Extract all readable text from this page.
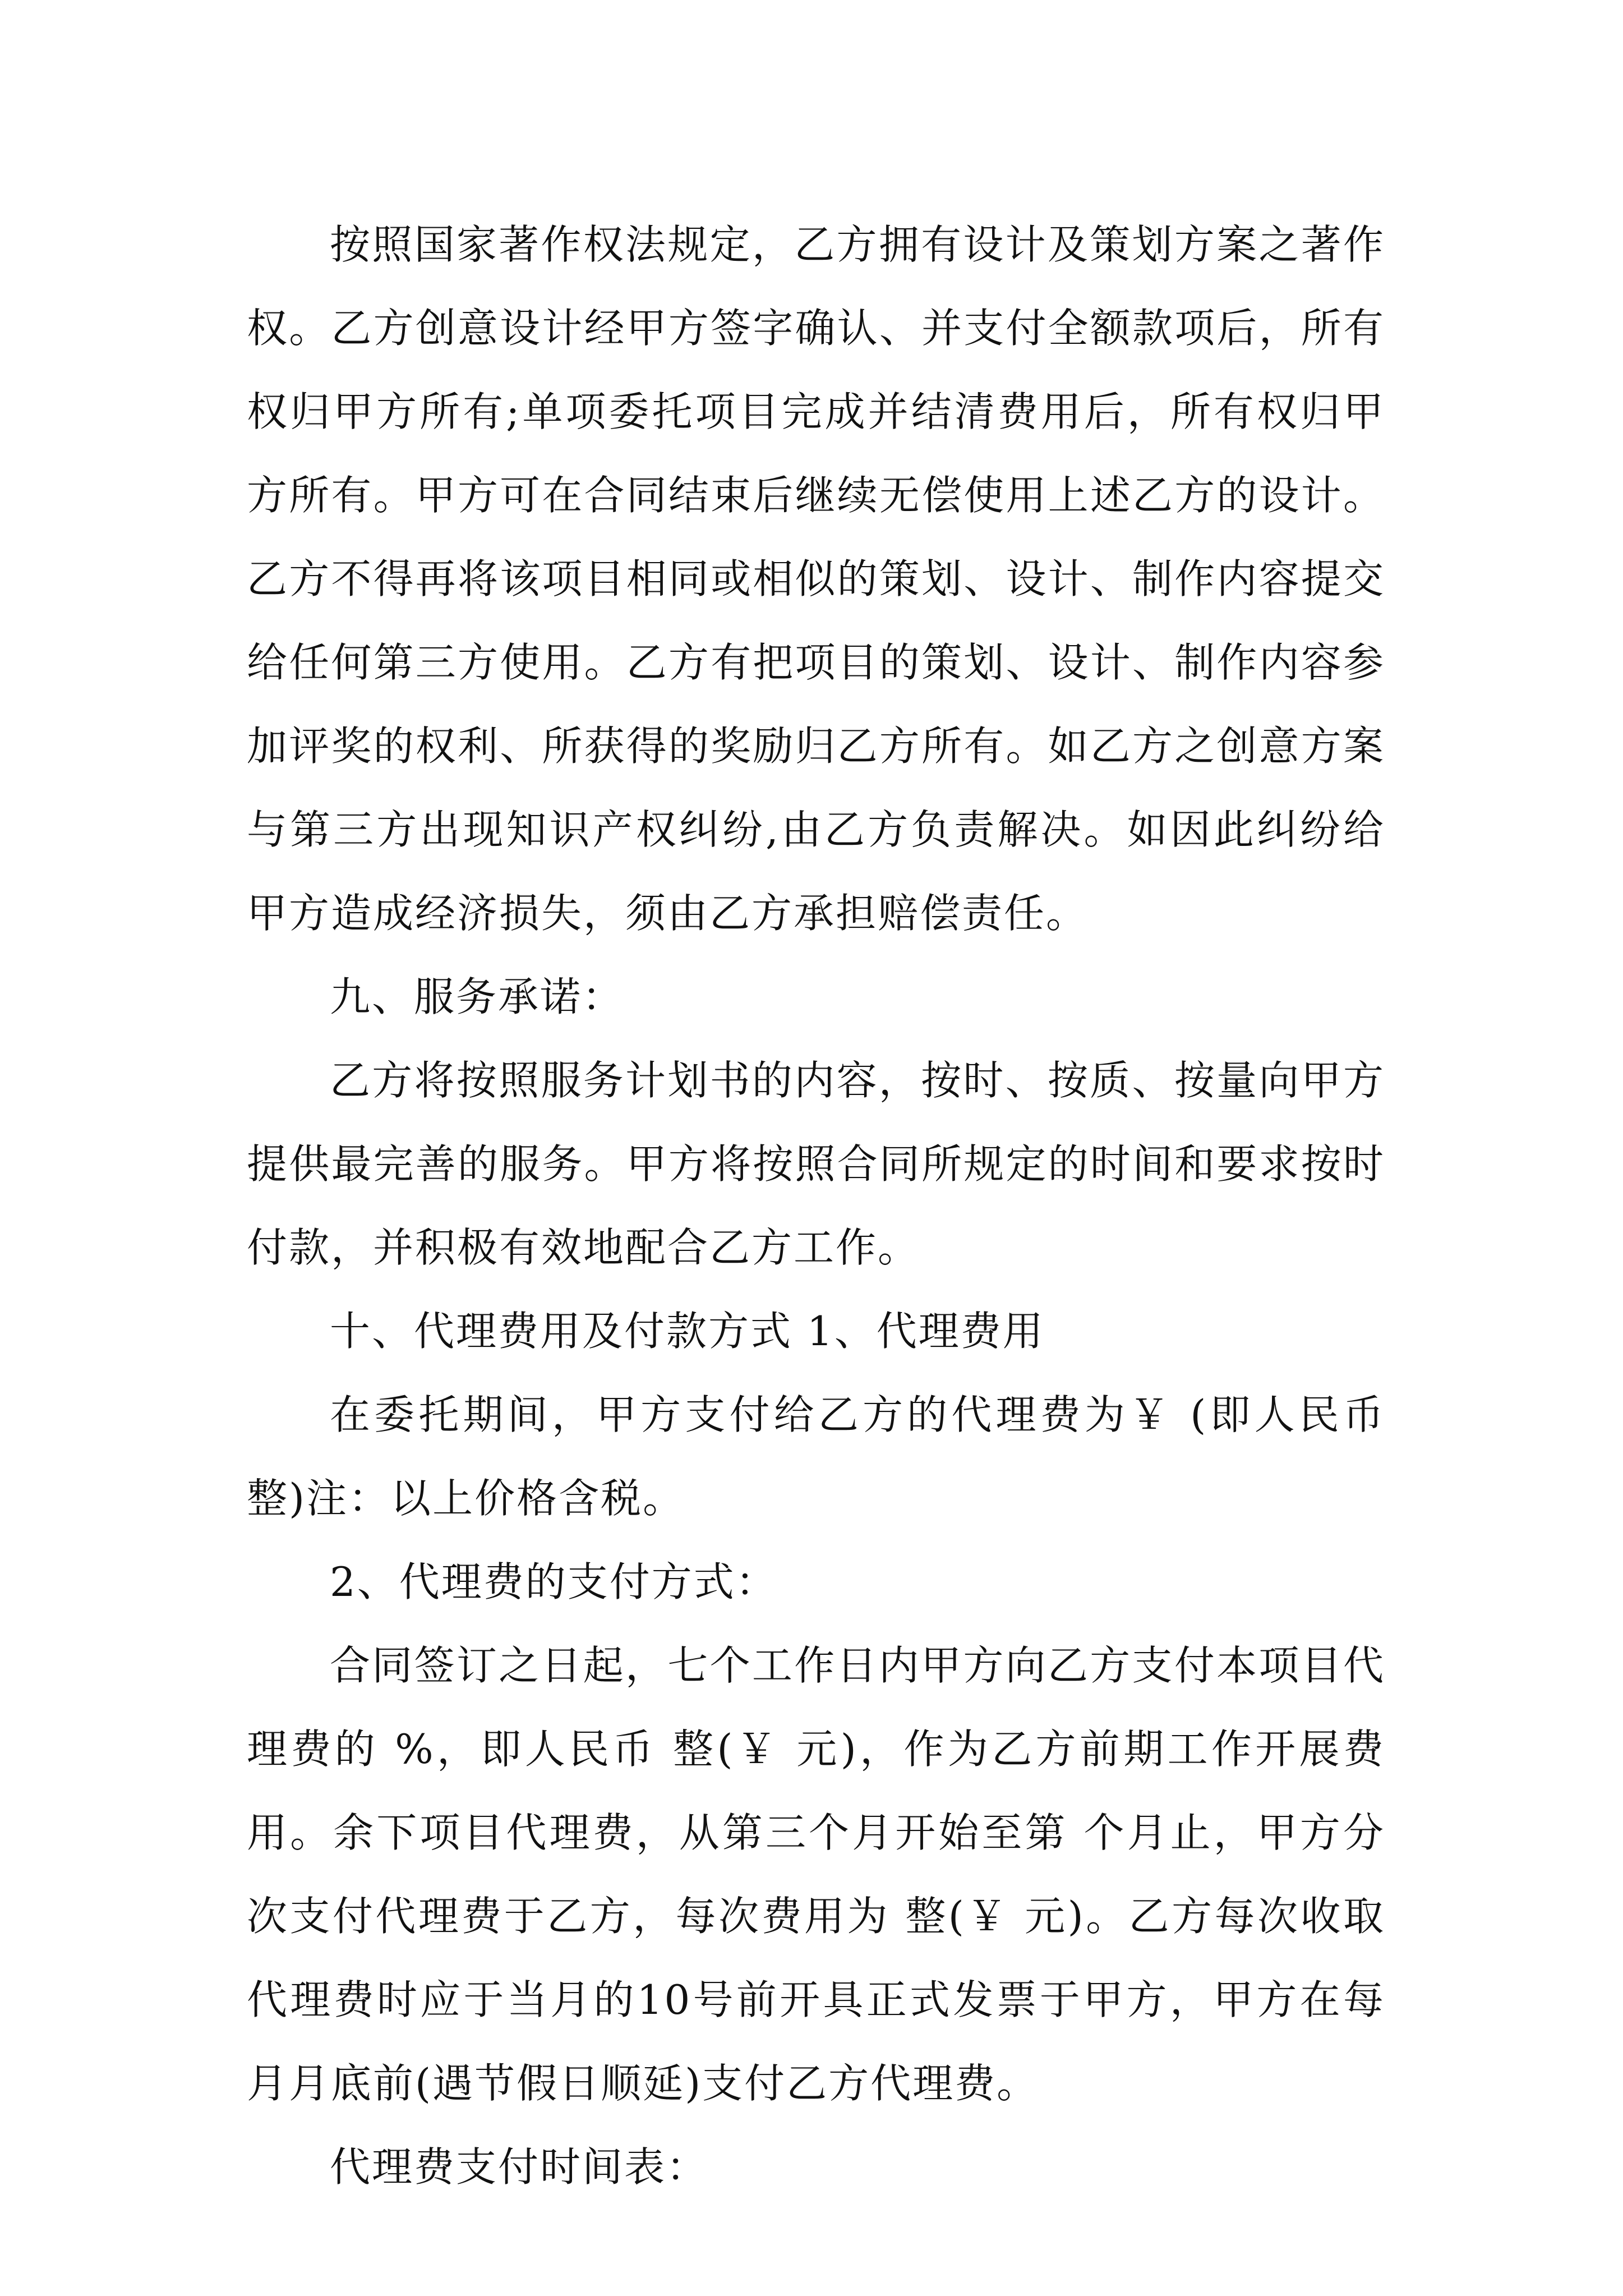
按照国家著作权法规定，乙方拥有设计及策划方案之著作权。乙方创意设计经甲方签字确认、并支付全额款项后，所有权归甲方所有;单项委托项目完成并结清费用后，所有权归甲方所有。甲方可在合同结束后继续无偿使用上述乙方的设计。乙方不得再将该项目相同或相似的策划、设计、制作内容提交给任何第三方使用。乙方有把项目的策划、设计、制作内容参加评奖的权利、所获得的奖励归乙方所有。如乙方之创意方案与第三方出现知识产权纠纷,由乙方负责解决。如因此纠纷给甲方造成经济损失，须由乙方承担赔偿责任。

九、服务承诺：

乙方将按照服务计划书的内容，按时、按质、按量向甲方提供最完善的服务。甲方将按照合同所规定的时间和要求按时付款，并积极有效地配合乙方工作。

十、代理费用及付款方式 1、代理费用

在委托期间，甲方支付给乙方的代理费为￥ (即人民币整)注：以上价格含税。

2、代理费的支付方式：

合同签订之日起，七个工作日内甲方向乙方支付本项目代理费的 %，即人民币 整(￥ 元)，作为乙方前期工作开展费用。余下项目代理费，从第三个月开始至第 个月止，甲方分 次支付代理费于乙方，每次费用为 整(￥ 元)。乙方每次收取代理费时应于当月的10号前开具正式发票于甲方，甲方在每月月底前(遇节假日顺延)支付乙方代理费。

代理费支付时间表：
